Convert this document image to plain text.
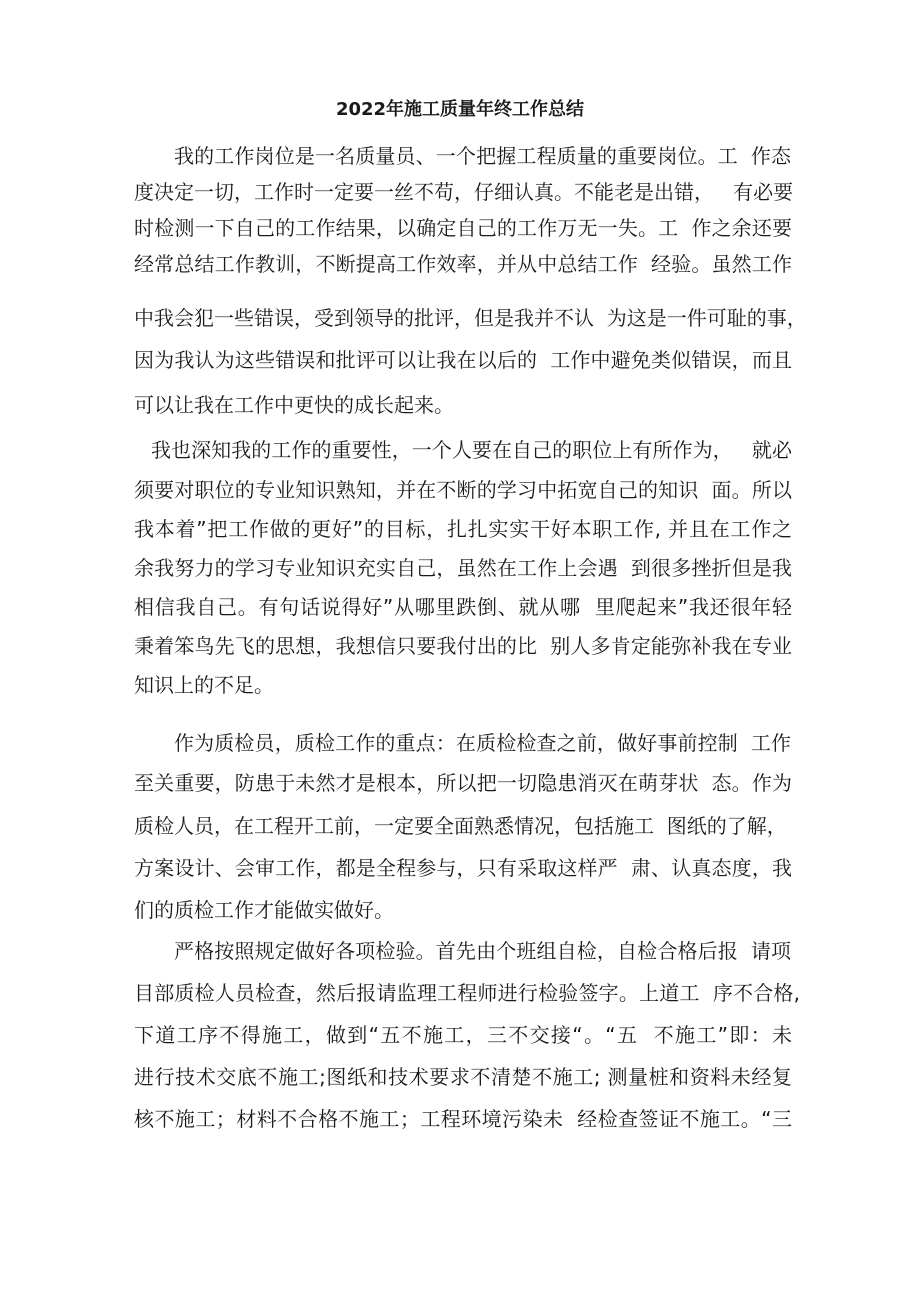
2022年施工质量年终工作总结
我的工作岗位是一名质量员、一个把握工程质量的重要岗位。工  作态
度决定一切，工作时一定要一丝不苟，仔细认真。不能老是出错，   有必要
时检测一下自己的工作结果，以确定自己的工作万无一失。工  作之余还要
经常总结工作教训，不断提高工作效率，并从中总结工作  经验。虽然工作
中我会犯一些错误，受到领导的批评，但是我并不认  为这是一件可耻的事，
因为我认为这些错误和批评可以让我在以后的  工作中避免类似错误，而且
可以让我在工作中更快的成长起来。
我也深知我的工作的重要性，一个人要在自己的职位上有所作为，   就必
须要对职位的专业知识熟知，并在不断的学习中拓宽自己的知识  面。所以
我本着”把工作做的更好”的目标，扎扎实实干好本职工作, 并且在工作之
余我努力的学习专业知识充实自己，虽然在工作上会遇  到很多挫折但是我
相信我自己。有句话说得好”从哪里跌倒、就从哪  里爬起来”我还很年轻
秉着笨鸟先飞的思想，我想信只要我付出的比  别人多肯定能弥补我在专业
知识上的不足。
作为质检员，质检工作的重点：在质检检查之前，做好事前控制  工作
至关重要，防患于未然才是根本，所以把一切隐患消灭在萌芽状  态。作为
质检人员，在工程开工前，一定要全面熟悉情况，包括施工  图纸的了解，
方案设计、会审工作，都是全程参与，只有采取这样严  肃、认真态度，我
们的质检工作才能做实做好。
严格按照规定做好各项检验。首先由个班组自检，自检合格后报  请项
目部质检人员检查，然后报请监理工程师进行检验签字。上道工  序不合格,
下道工序不得施工，做到“五不施工，三不交接“。“五  不施工”即：未
进行技术交底不施工;图纸和技术要求不清楚不施工; 测量桩和资料未经复
核不施工；材料不合格不施工；工程环境污染未  经检查签证不施工。“三
